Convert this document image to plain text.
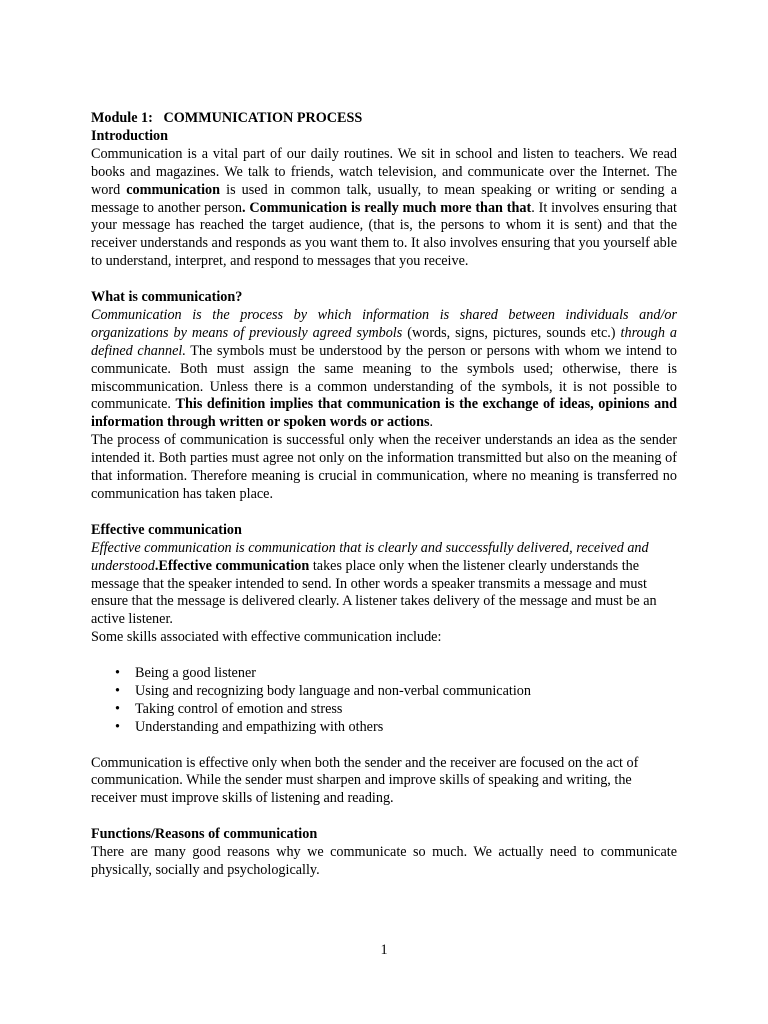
Module 1: COMMUNICATION PROCESS

Introduction

Communication is a vital part of our daily routines. We sit in school and listen to teachers. We read books and magazines. We talk to friends, watch television, and communicate over the Internet. The word communication is used in common talk, usually, to mean speaking or writing or sending a message to another person. Communication is really much more than that. It involves ensuring that your message has reached the target audience, (that is, the persons to whom it is sent) and that the receiver understands and responds as you want them to. It also involves ensuring that you yourself able to understand, interpret, and respond to messages that you receive.

What is communication?

Communication is the process by which information is shared between individuals and/or organizations by means of previously agreed symbols (words, signs, pictures, sounds etc.) through a defined channel. The symbols must be understood by the person or persons with whom we intend to communicate. Both must assign the same meaning to the symbols used; otherwise, there is miscommunication. Unless there is a common understanding of the symbols, it is not possible to communicate. This definition implies that communication is the exchange of ideas, opinions and information through written or spoken words or actions.

The process of communication is successful only when the receiver understands an idea as the sender intended it. Both parties must agree not only on the information transmitted but also on the meaning of that information. Therefore meaning is crucial in communication, where no meaning is transferred no communication has taken place.

Effective communication

Effective communication is communication that is clearly and successfully delivered, received and understood.Effective communication takes place only when the listener clearly understands the message that the speaker intended to send. In other words a speaker transmits a message and must ensure that the message is delivered clearly. A listener takes delivery of the message and must be an active listener.

Some skills associated with effective communication include:

• Being a good listener
• Using and recognizing body language and non-verbal communication
• Taking control of emotion and stress
• Understanding and empathizing with others

Communication is effective only when both the sender and the receiver are focused on the act of communication. While the sender must sharpen and improve skills of speaking and writing, the receiver must improve skills of listening and reading.

Functions/Reasons of communication

There are many good reasons why we communicate so much. We actually need to communicate physically, socially and psychologically.

1
